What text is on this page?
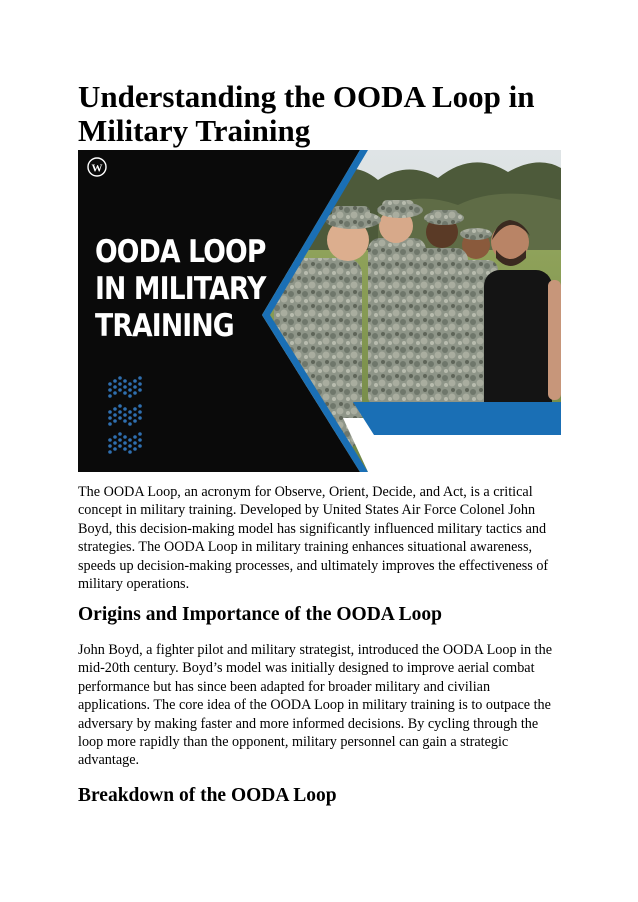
Understanding the OODA Loop in Military Training
W
OODA LOOP
IN MILITARY
TRAINING

The OODA Loop, an acronym for Observe, Orient, Decide, and Act, is a critical concept in military training. Developed by United States Air Force Colonel John Boyd, this decision-making model has significantly influenced military tactics and strategies. The OODA Loop in military training enhances situational awareness, speeds up decision-making processes, and ultimately improves the effectiveness of military operations.

Origins and Importance of the OODA Loop

John Boyd, a fighter pilot and military strategist, introduced the OODA Loop in the mid-20th century. Boyd’s model was initially designed to improve aerial combat performance but has since been adapted for broader military and civilian applications. The core idea of the OODA Loop in military training is to outpace the adversary by making faster and more informed decisions. By cycling through the loop more rapidly than the opponent, military personnel can gain a strategic advantage.

Breakdown of the OODA Loop
